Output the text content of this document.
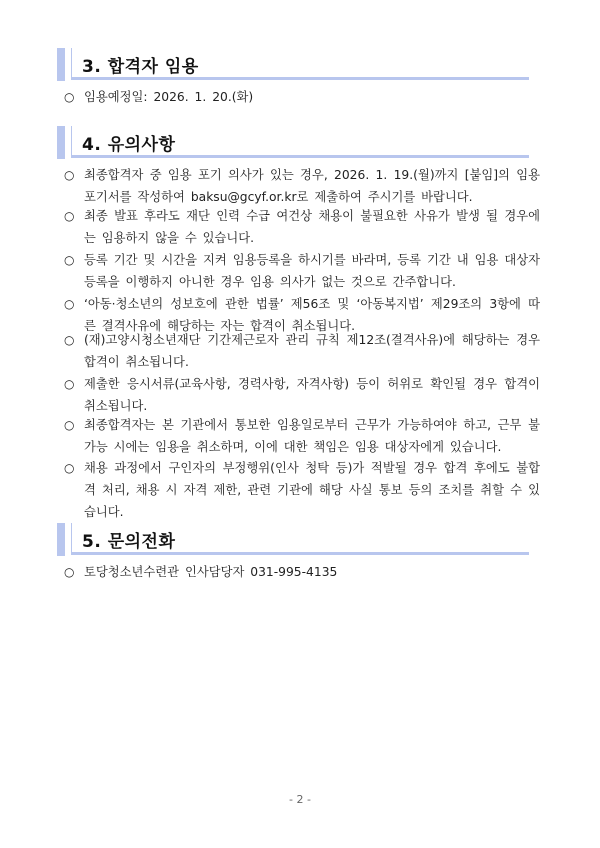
3. 합격자 임용
○ 임용예정일: 2026. 1. 20.(화)
4. 유의사항
○ 최종합격자 중 임용 포기 의사가 있는 경우, 2026. 1. 19.(월)까지 [붙임]의 임용포기서를 작성하여 baksu@gcyf.or.kr로 제출하여 주시기를 바랍니다.
○ 최종 발표 후라도 재단 인력 수급 여건상 채용이 불필요한 사유가 발생 될 경우에는 임용하지 않을 수 있습니다.
○ 등록 기간 및 시간을 지켜 임용등록을 하시기를 바라며, 등록 기간 내 임용 대상자 등록을 이행하지 아니한 경우 임용 의사가 없는 것으로 간주합니다.
○ ‘아동·청소년의 성보호에 관한 법률’ 제56조 및 ‘아동복지법’ 제29조의 3항에 따른 결격사유에 해당하는 자는 합격이 취소됩니다.
○ (재)고양시청소년재단 기간제근로자 관리 규칙 제12조(결격사유)에 해당하는 경우 합격이 취소됩니다.
○ 제출한 응시서류(교육사항, 경력사항, 자격사항) 등이 허위로 확인될 경우 합격이 취소됩니다.
○ 최종합격자는 본 기관에서 통보한 임용일로부터 근무가 가능하여야 하고, 근무 불가능 시에는 임용을 취소하며, 이에 대한 책임은 임용 대상자에게 있습니다.
○ 채용 과정에서 구인자의 부정행위(인사 청탁 등)가 적발될 경우 합격 후에도 불합격 처리, 채용 시 자격 제한, 관련 기관에 해당 사실 통보 등의 조치를 취할 수 있습니다.
5. 문의전화
○ 토당청소년수련관 인사담당자 031-995-4135
- 2 -
